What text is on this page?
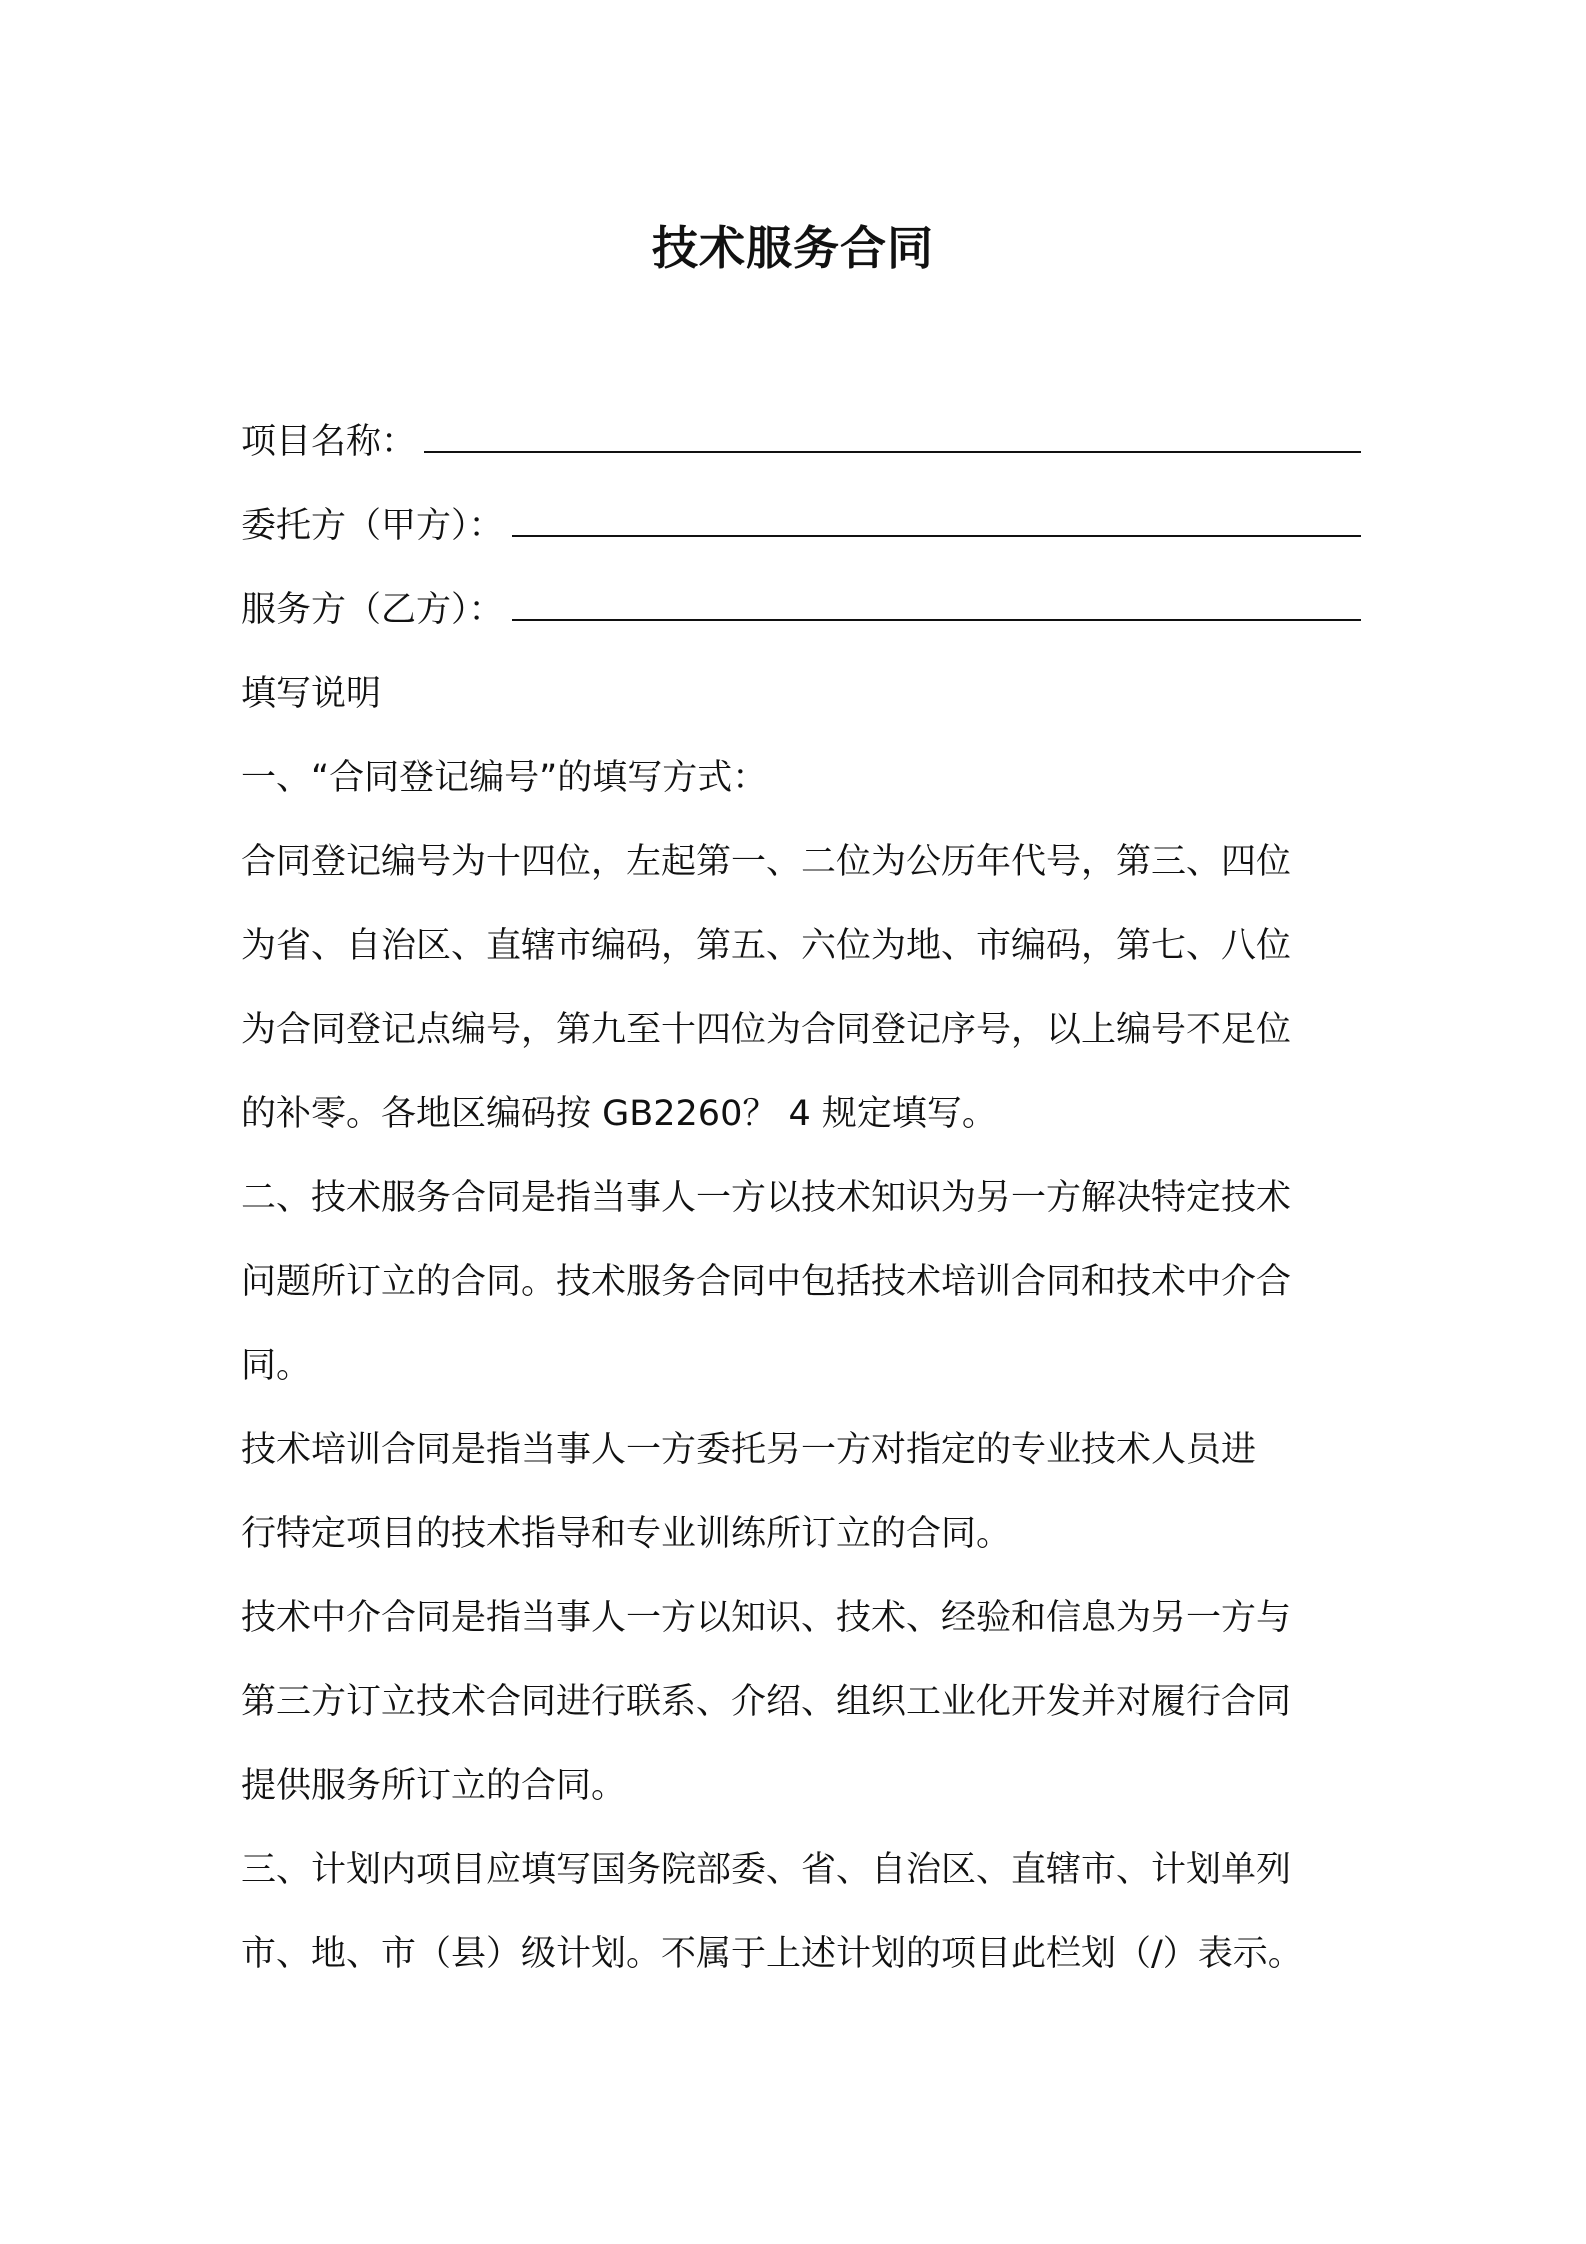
技术服务合同
项目名称：
委托方（甲方）：
服务方（乙方）：
填写说明
一、“合同登记编号”的填写方式：
合同登记编号为十四位，左起第一、二位为公历年代号，第三、四位
为省、自治区、直辖市编码，第五、六位为地、市编码，第七、八位
为合同登记点编号，第九至十四位为合同登记序号，以上编号不足位
的补零。各地区编码按 GB2260？ 4 规定填写。
二、技术服务合同是指当事人一方以技术知识为另一方解决特定技术
问题所订立的合同。技术服务合同中包括技术培训合同和技术中介合
同。
技术培训合同是指当事人一方委托另一方对指定的专业技术人员进
行特定项目的技术指导和专业训练所订立的合同。
技术中介合同是指当事人一方以知识、技术、经验和信息为另一方与
第三方订立技术合同进行联系、介绍、组织工业化开发并对履行合同
提供服务所订立的合同。
三、计划内项目应填写国务院部委、省、自治区、直辖市、计划单列
市、地、市（县）级计划。不属于上述计划的项目此栏划（/）表示。
